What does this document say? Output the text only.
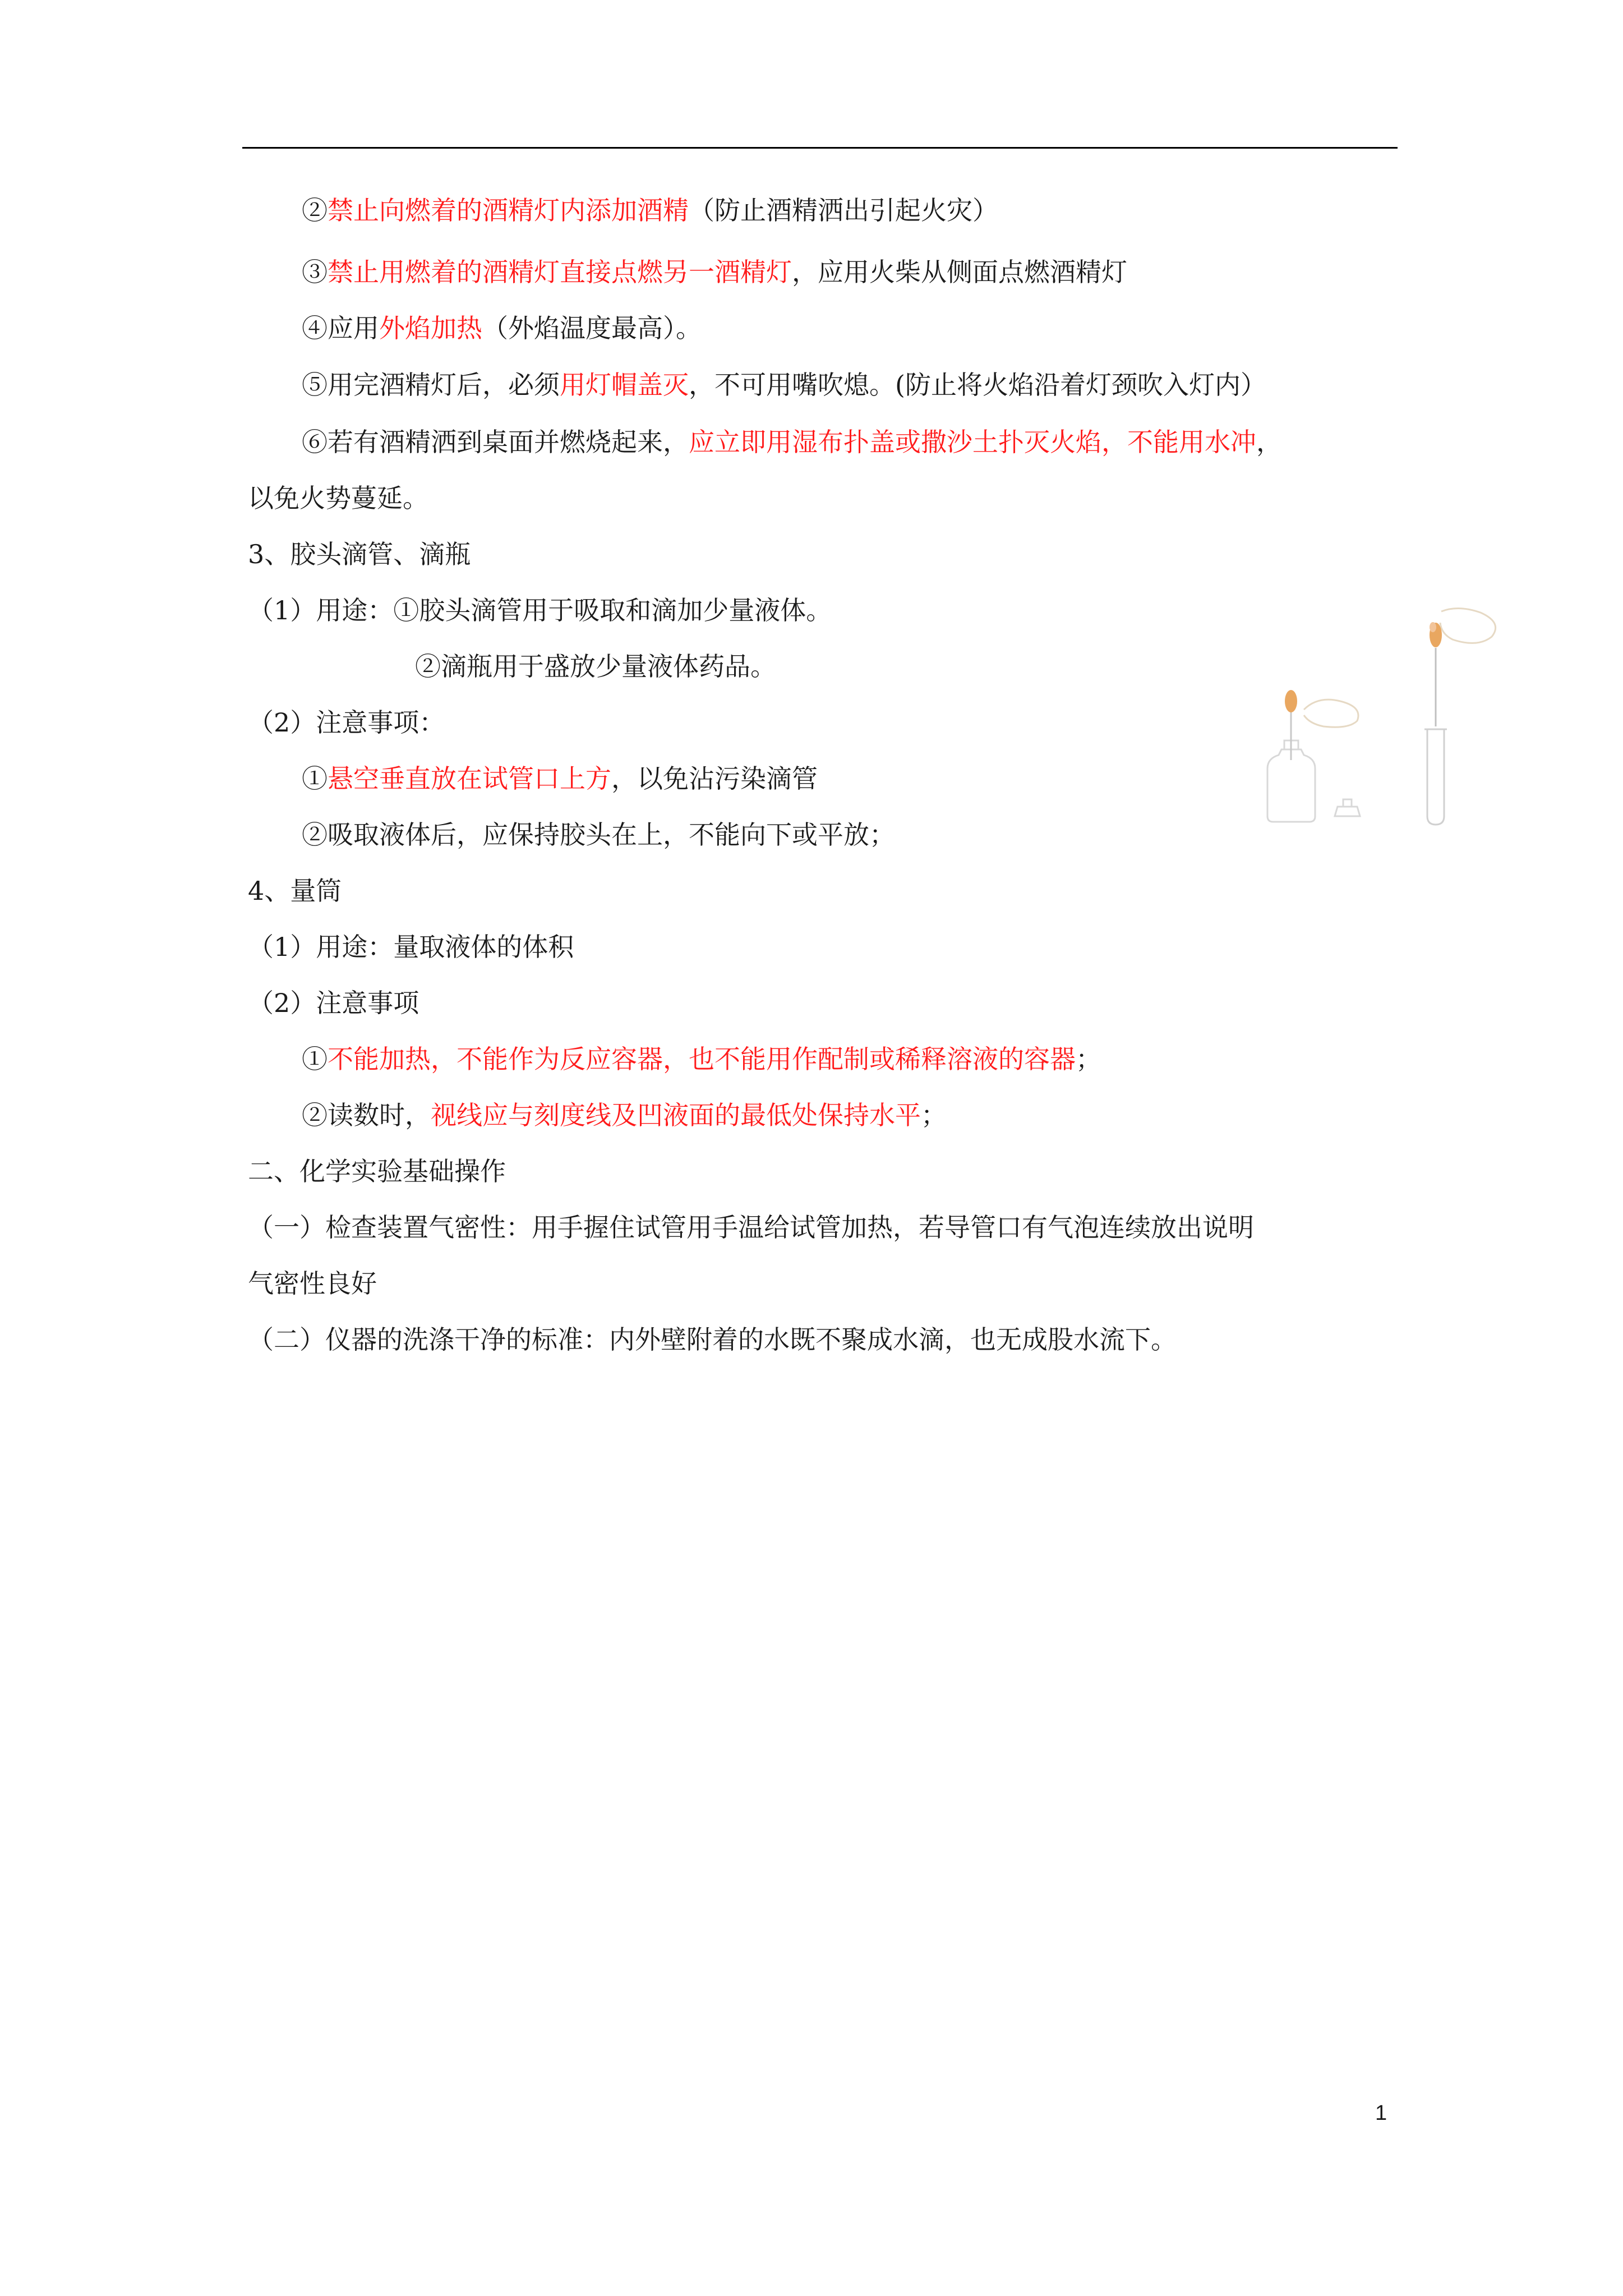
②禁止向燃着的酒精灯内添加酒精（防止酒精洒出引起火灾）
③禁止用燃着的酒精灯直接点燃另一酒精灯，应用火柴从侧面点燃酒精灯
④应用外焰加热（外焰温度最高）。
⑤用完酒精灯后，必须用灯帽盖灭，不可用嘴吹熄。(防止将火焰沿着灯颈吹入灯内）
⑥若有酒精洒到桌面并燃烧起来，应立即用湿布扑盖或撒沙土扑灭火焰，不能用水冲，
以免火势蔓延。
3、胶头滴管、滴瓶
（1）用途：①胶头滴管用于吸取和滴加少量液体。
②滴瓶用于盛放少量液体药品。
（2）注意事项：
①悬空垂直放在试管口上方，以免沾污染滴管
②吸取液体后，应保持胶头在上，不能向下或平放；
4、量筒
（1）用途：量取液体的体积
（2）注意事项
①不能加热，不能作为反应容器，也不能用作配制或稀释溶液的容器；
②读数时，视线应与刻度线及凹液面的最低处保持水平；
二、化学实验基础操作
（一）检查装置气密性：用手握住试管用手温给试管加热，若导管口有气泡连续放出说明
气密性良好
（二）仪器的洗涤干净的标准：内外壁附着的水既不聚成水滴，也无成股水流下。
1
